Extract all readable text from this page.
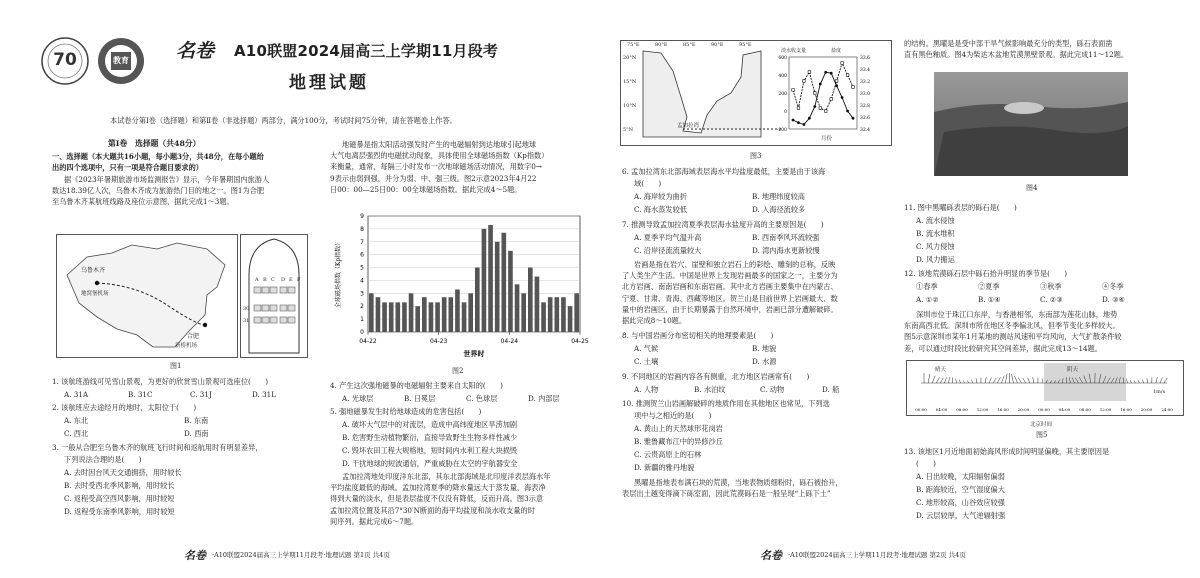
70	教育	名卷 A10联盟2024届高三上学期11月段考
地理试题
本试卷分第Ⅰ卷（选择题）和第Ⅱ卷（非选择题）两部分，满分100分，考试时间75分钟，请在答题卷上作答。
第Ⅰ卷　选择题（共48分）
一、选择题（本大题共16小题，每小题3分，共48分，在每小题给
出的四个选项中，只有一项是符合题目要求的）
据《2023年暑期旅游市场监测报告》显示，今年暑期国内旅游人
数达18.39亿人次，乌鲁木齐成为旅游热门目的地之一。图1为合肥
至乌鲁木齐某航班线路及座位示意图，据此完成1～3题。
乌鲁木齐
地窝堡机场
合肥
新桥机场
A B C D E F
30
31
图1
1. 该航班游线可见雪山景观，为更好的欣赏雪山景观可选座位(　　)
A. 31A	B. 31C	C. 31J	D. 31L
2. 该航班应去途经月的地时，太阳位于(　　)
A. 东北	B. 东南
C. 西北	D. 西南
3. 一般从合肥至乌鲁木齐的航班飞行时间和返航用时有明显差异，
下列说法合理的是(　　)
A. 去时因台风天交通拥挤，用时较长
B. 去时受西北季风影响，用时较长
C. 返程受高空西风影响，用时较短
D. 返程受东南季风影响，用时较短
地磁暴是指太阳活动强发时产生的电磁辐射到达地球引起地球
大气电离层强烈的电磁扰动现象，具体使用全球磁场指数（Kp指数）
来衡量，通常，每隔三小时发布一次地球磁场活动情况，用数字0→
9表示由弱到强，并分为弱、中、强三级。图2示意2023年4月22
日00：00—25日00：00全球磁场指数。据此完成4～5题。
0
1
2
3
4
5
6
7
8
9
04-22	04-23	04-24	04-25
世界时
全球磁场指数（Kp指数）
图2
4. 产生这次强地磁暴的电磁辐射主要来自太阳的(　　)
A. 光球层	B. 日冕层	C. 色球层	D. 内部层
5. 强地磁暴发生时给地球造成的危害包括(　　)
A. 破坏大气层中的对流层，造成中高纬度地区旱涝加剧
B. 危害野生动植物繁衍，直接导致野生生物多样性减少
C. 毁坏农田工程大规格地，短时间内水利工程大块损毁
D. 干扰地球的短波通信，严重威胁在太空的宇航器安全
孟加拉湾地处印度洋东北部，其东北部海域是北印度洋表层海水年
平均盐度最低的海域。孟加拉湾夏季的降水量远大于蒸发量，海表净
得到大量的淡水，但是表层盐度不仅没有降低，反而升高。图3示意
孟加拉湾位置及其沿7°30′N断面的海平均盐度和淡水收支量的时
间序列。据此完成6～7题。
名卷 ·A10联盟2024届高三上学期11月段考·地理试题 第1页 共4页
600
400
200
0
-200
33.6
33.4
33.2
33.0
32.8
32.6
32.4
75°E	80°E	85°E	90°E	95°E
20°N
15°N
10°N
5°N
孟加拉湾
淡水收支量	盐度
月份
图3
6. 孟加拉湾东北部海域表层海水平均盐度最低，主要是由于该海
域(　　)
A. 海岸较为曲折	B. 地理纬度较高
C. 海水蒸发较低	D. 入海径流较多
7. 推测导致孟加拉湾夏季表层海水盐度升高的主要原因是(　　)
A. 夏季平均气温升高	B. 西南季风环流较强
C. 沿岸径流流量较大	D. 湾内海水更新较慢
岩画是指在岩穴、崖壁和独立岩石上的彩绘、雕刻的总称，反映
了人类生产生活。中国是世界上发现岩画最多的国家之一，主要分为
北方岩画、南南岩画和东南岩画。其中北方岩画主要集中在内蒙古、
宁夏、甘肃、青海、西藏等地区。贺兰山是目前世界上岩画最大、数
量中的岩画区，由于长期暴露于自然环境中，岩画已部分遭解破碎。
据此完成8～10题。
8. 与中国岩画分布密切相关的地理要素是(　　)
A. 气候	B. 地貌
C. 土壤	D. 水源
9. 不同地区的岩画内容各有侧重，北方地区岩画常有(　　)
A. 人物	B. 水泊纹	C. 动物	D. 船
10. 推测贺兰山岩画解破碎的地质作用在其他地区也常见，下列选
项中与之相近的是(　　)
A. 黄山上的天然球形花岗岩
B. 雅鲁藏布江中的异修沙丘
C. 云贵高原上的石林
D. 新疆的雅丹地貌
黑曜是指地表布满石块的荒漠，当地表物质细粉时，砾石被抬升，
表层出土越变得滴下砾室面，因此荒漠砾石是一般呈现“上砾下土”
的结构。黑曜是是受中部干旱气候影响最充分的类型，砾石表面凿
直有黑色釉质。图4为柴达木盆地荒漠黑壁景观。据此完成11～12题。
图4
11. 图中黑曜砾表层的砾石是(　　)
A. 流水侵蚀
B. 流水堆积
C. 风力侵蚀
D. 风力搬运
12. 该地荒漠砾石层中砾石抬升明显的季节是(　　)
①春季	②夏季	③秋季	④冬季
A. ①②	B. ①④	C. ②③	D. ③④
深圳市位于珠江口东岸，与香港相邻，东南部为莲花山脉，地势
东南高西北低。深圳市所在地区冬季偏北风，但季节变化多样较大。
图5示意深圳市某年1月某地的测站风速和平均风向，大气扩散条件较
差，可以通过时段比较研究其空间差异，据此完成13～14题。
00:00 04:00 08:00 12:00 16:00 20:00 00:00 04:00 08:00 12:00 16:00 20:00 24:00
晴天	阴天
1m/s
北京时间
图5
13. 该地区1月近地面初始海风形成时间明显偏晚，其主要原因是
(　　)
A. 日出较晚，太阳辐射偏弱
B. 距海较近，空气湿度偏大
C. 地形较高，山谷效应较强
D. 云层较厚，大气逆辐射强
名卷 ·A10联盟2024届高三上学期11月段考·地理试题 第2页 共4页
